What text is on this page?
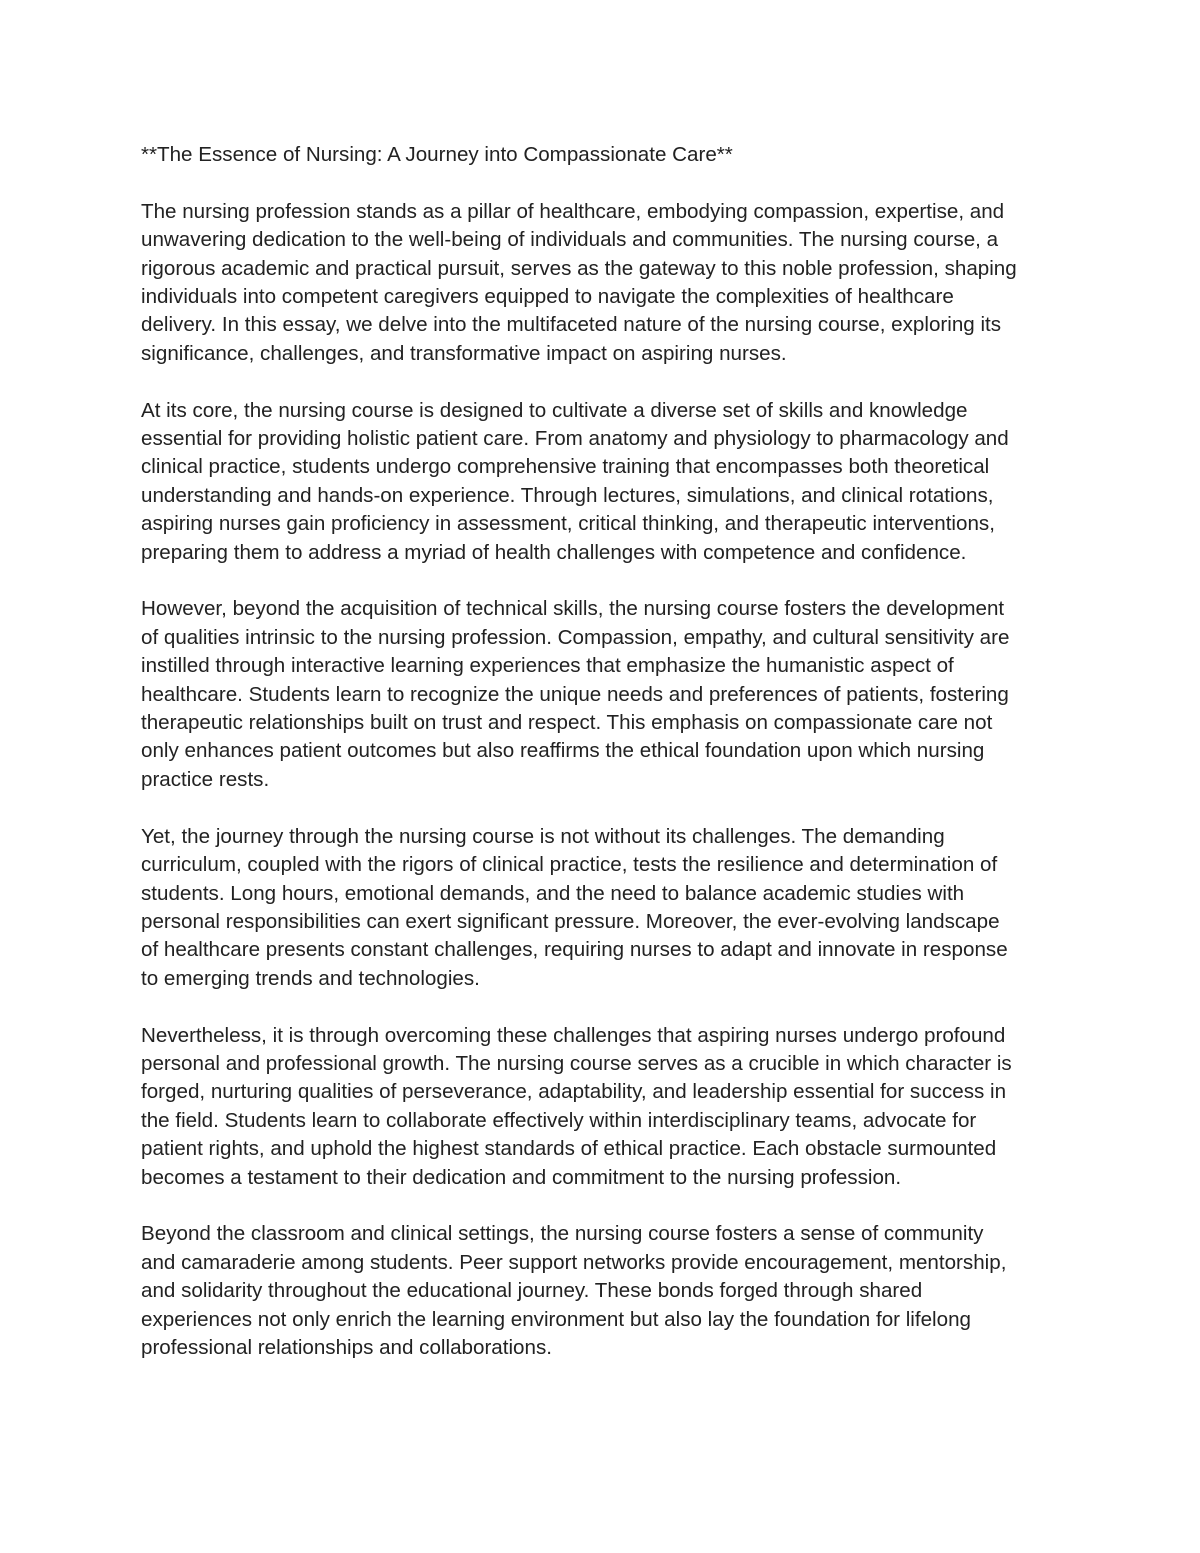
**The Essence of Nursing: A Journey into Compassionate Care**
The nursing profession stands as a pillar of healthcare, embodying compassion, expertise, and
unwavering dedication to the well-being of individuals and communities. The nursing course, a
rigorous academic and practical pursuit, serves as the gateway to this noble profession, shaping
individuals into competent caregivers equipped to navigate the complexities of healthcare
delivery. In this essay, we delve into the multifaceted nature of the nursing course, exploring its
significance, challenges, and transformative impact on aspiring nurses.
At its core, the nursing course is designed to cultivate a diverse set of skills and knowledge
essential for providing holistic patient care. From anatomy and physiology to pharmacology and
clinical practice, students undergo comprehensive training that encompasses both theoretical
understanding and hands-on experience. Through lectures, simulations, and clinical rotations,
aspiring nurses gain proficiency in assessment, critical thinking, and therapeutic interventions,
preparing them to address a myriad of health challenges with competence and confidence.
However, beyond the acquisition of technical skills, the nursing course fosters the development
of qualities intrinsic to the nursing profession. Compassion, empathy, and cultural sensitivity are
instilled through interactive learning experiences that emphasize the humanistic aspect of
healthcare. Students learn to recognize the unique needs and preferences of patients, fostering
therapeutic relationships built on trust and respect. This emphasis on compassionate care not
only enhances patient outcomes but also reaffirms the ethical foundation upon which nursing
practice rests.
Yet, the journey through the nursing course is not without its challenges. The demanding
curriculum, coupled with the rigors of clinical practice, tests the resilience and determination of
students. Long hours, emotional demands, and the need to balance academic studies with
personal responsibilities can exert significant pressure. Moreover, the ever-evolving landscape
of healthcare presents constant challenges, requiring nurses to adapt and innovate in response
to emerging trends and technologies.
Nevertheless, it is through overcoming these challenges that aspiring nurses undergo profound
personal and professional growth. The nursing course serves as a crucible in which character is
forged, nurturing qualities of perseverance, adaptability, and leadership essential for success in
the field. Students learn to collaborate effectively within interdisciplinary teams, advocate for
patient rights, and uphold the highest standards of ethical practice. Each obstacle surmounted
becomes a testament to their dedication and commitment to the nursing profession.
Beyond the classroom and clinical settings, the nursing course fosters a sense of community
and camaraderie among students. Peer support networks provide encouragement, mentorship,
and solidarity throughout the educational journey. These bonds forged through shared
experiences not only enrich the learning environment but also lay the foundation for lifelong
professional relationships and collaborations.
